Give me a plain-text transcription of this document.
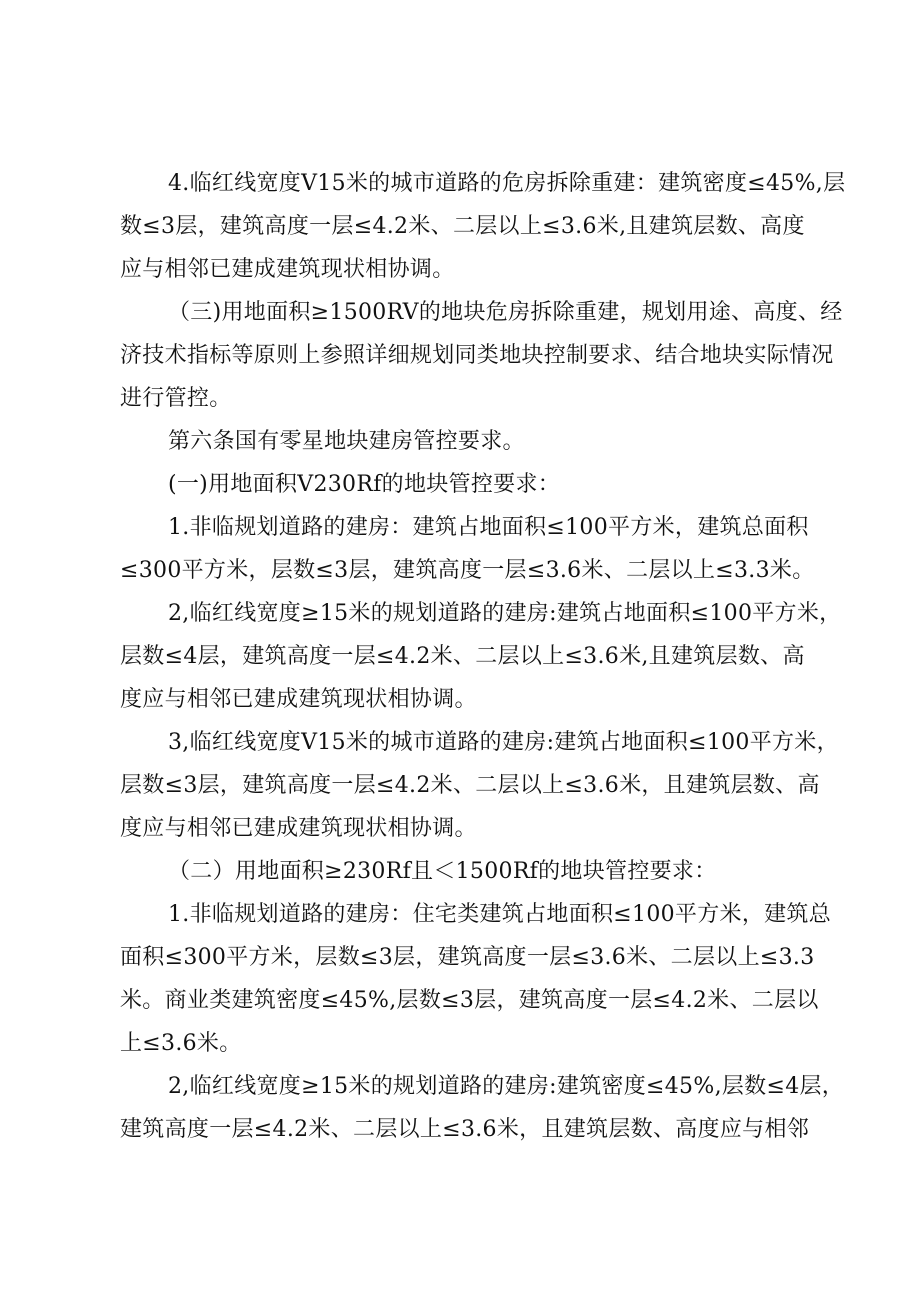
4.临红线宽度V15米的城市道路的危房拆除重建：建筑密度≤45%,层
数≤3层，建筑高度一层≤4.2米、二层以上≤3.6米,且建筑层数、高度
应与相邻已建成建筑现状相协调。
（三)用地面积≥1500RV的地块危房拆除重建，规划用途、高度、经
济技术指标等原则上参照详细规划同类地块控制要求、结合地块实际情况
进行管控。
第六条国有零星地块建房管控要求。
(一)用地面积V230Rf的地块管控要求：
1.非临规划道路的建房：建筑占地面积≤100平方米，建筑总面积
≤300平方米，层数≤3层，建筑高度一层≤3.6米、二层以上≤3.3米。
2,临红线宽度≥15米的规划道路的建房:建筑占地面积≤100平方米，
层数≤4层，建筑高度一层≤4.2米、二层以上≤3.6米,且建筑层数、高
度应与相邻已建成建筑现状相协调。
3,临红线宽度V15米的城市道路的建房:建筑占地面积≤100平方米，
层数≤3层，建筑高度一层≤4.2米、二层以上≤3.6米，且建筑层数、高
度应与相邻已建成建筑现状相协调。
（二）用地面积≥230Rf且＜1500Rf的地块管控要求：
1.非临规划道路的建房：住宅类建筑占地面积≤100平方米，建筑总
面积≤300平方米，层数≤3层，建筑高度一层≤3.6米、二层以上≤3.3
米。商业类建筑密度≤45%,层数≤3层，建筑高度一层≤4.2米、二层以
上≤3.6米。
2,临红线宽度≥15米的规划道路的建房:建筑密度≤45%,层数≤4层，
建筑高度一层≤4.2米、二层以上≤3.6米，且建筑层数、高度应与相邻
